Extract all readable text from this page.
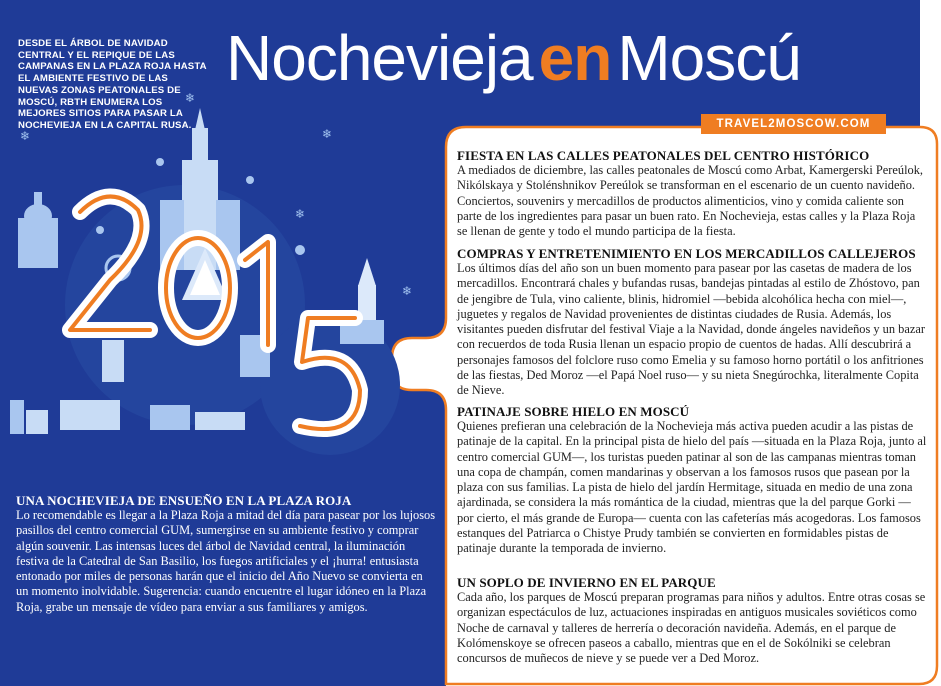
DESDE EL ÁRBOL DE NAVIDAD CENTRAL Y EL REPIQUE DE LAS CAMPANAS EN LA PLAZA ROJA HASTA EL AMBIENTE FESTIVO DE LAS NUEVAS ZONAS PEATONALES DE MOSCÚ, RBTH ENUMERA LOS MEJORES SITIOS PARA PASAR LA NOCHEVIEJA EN LA CAPITAL RUSA.

NocheviejaenMoscú
TRAVEL2MOSCOW.COM
❄
❄
❄
❄
❄
UNA NOCHEVIEJA DE ENSUEÑO EN LA PLAZA ROJA

Lo recomendable es llegar a la Plaza Roja a mitad del día para pasear por los lujosos pasillos del centro comercial GUM, sumergirse en su ambiente festivo y comprar algún souvenir. Las intensas luces del árbol de Navidad central, la iluminación festiva de la Catedral de San Basilio, los fuegos artificiales y el ¡hurra! entusiasta entonado por miles de personas harán que el inicio del Año Nuevo se convierta en un momento inolvidable. Sugerencia: cuando encuentre el lugar idóneo en la Plaza Roja, grabe un mensaje de vídeo para enviar a sus familiares y amigos.

FIESTA EN LAS CALLES PEATONALES DEL CENTRO HISTÓRICO

A mediados de diciembre, las calles peatonales de Moscú como Arbat, Kamergerski Pereúlok, Nikólskaya y Stolénshnikov Pereúlok se transforman en el escenario de un cuento navideño. Conciertos, souvenirs y mercadillos de productos alimenticios, vino y comida caliente son parte de los ingredientes para pasar un buen rato. En Nochevieja, estas calles y la Plaza Roja se llenan de gente y todo el mundo participa de la fiesta.

COMPRAS Y ENTRETENIMIENTO EN LOS MERCADILLOS CALLEJEROS

Los últimos días del año son un buen momento para pasear por las casetas de madera de los mercadillos. Encontrará chales y bufandas rusas, bandejas pintadas al estilo de Zhóstovo, pan de jengibre de Tula, vino caliente, blinis, hidromiel —bebida alcohólica hecha con miel—, juguetes y regalos de Navidad provenientes de distintas ciudades de Rusia. Además, los visitantes pueden disfrutar del festival Viaje a la Navidad, donde ángeles navideños y un bazar con recuerdos de toda Rusia llenan un espacio propio de cuentos de hadas. Allí descubrirá a personajes famosos del folclore ruso como Emelia y su famoso horno portátil o los anfitriones de las fiestas, Ded Moroz —el Papá Noel ruso— y su nieta Snegúrochka, literalmente Copita de Nieve.

PATINAJE SOBRE HIELO EN MOSCÚ

Quienes prefieran una celebración de la Nochevieja más activa pueden acudir a las pistas de patinaje de la capital. En la principal pista de hielo del país —situada en la Plaza Roja, junto al centro comercial GUM—, los turistas pueden patinar al son de las campanas mientras toman una copa de champán, comen mandarinas y observan a los famosos rusos que pasean por la plaza con sus familias. La pista de hielo del jardín Hermitage, situada en medio de una zona ajardinada, se considera la más romántica de la ciudad, mientras que la del parque Gorki —por cierto, el más grande de Europa— cuenta con las cafeterías más acogedoras. Los famosos estanques del Patriarca o Chistye Prudy también se convierten en formidables pistas de patinaje durante la temporada de invierno.

UN SOPLO DE INVIERNO EN EL PARQUE

Cada año, los parques de Moscú preparan programas para niños y adultos. Entre otras cosas se organizan espectáculos de luz, actuaciones inspiradas en antiguos musicales soviéticos como Noche de carnaval y talleres de herrería o decoración navideña. Además, en el parque de Kolómenskoye se ofrecen paseos a caballo, mientras que en el de Sokólniki se celebran concursos de muñecos de nieve y se puede ver a Ded Moroz.
